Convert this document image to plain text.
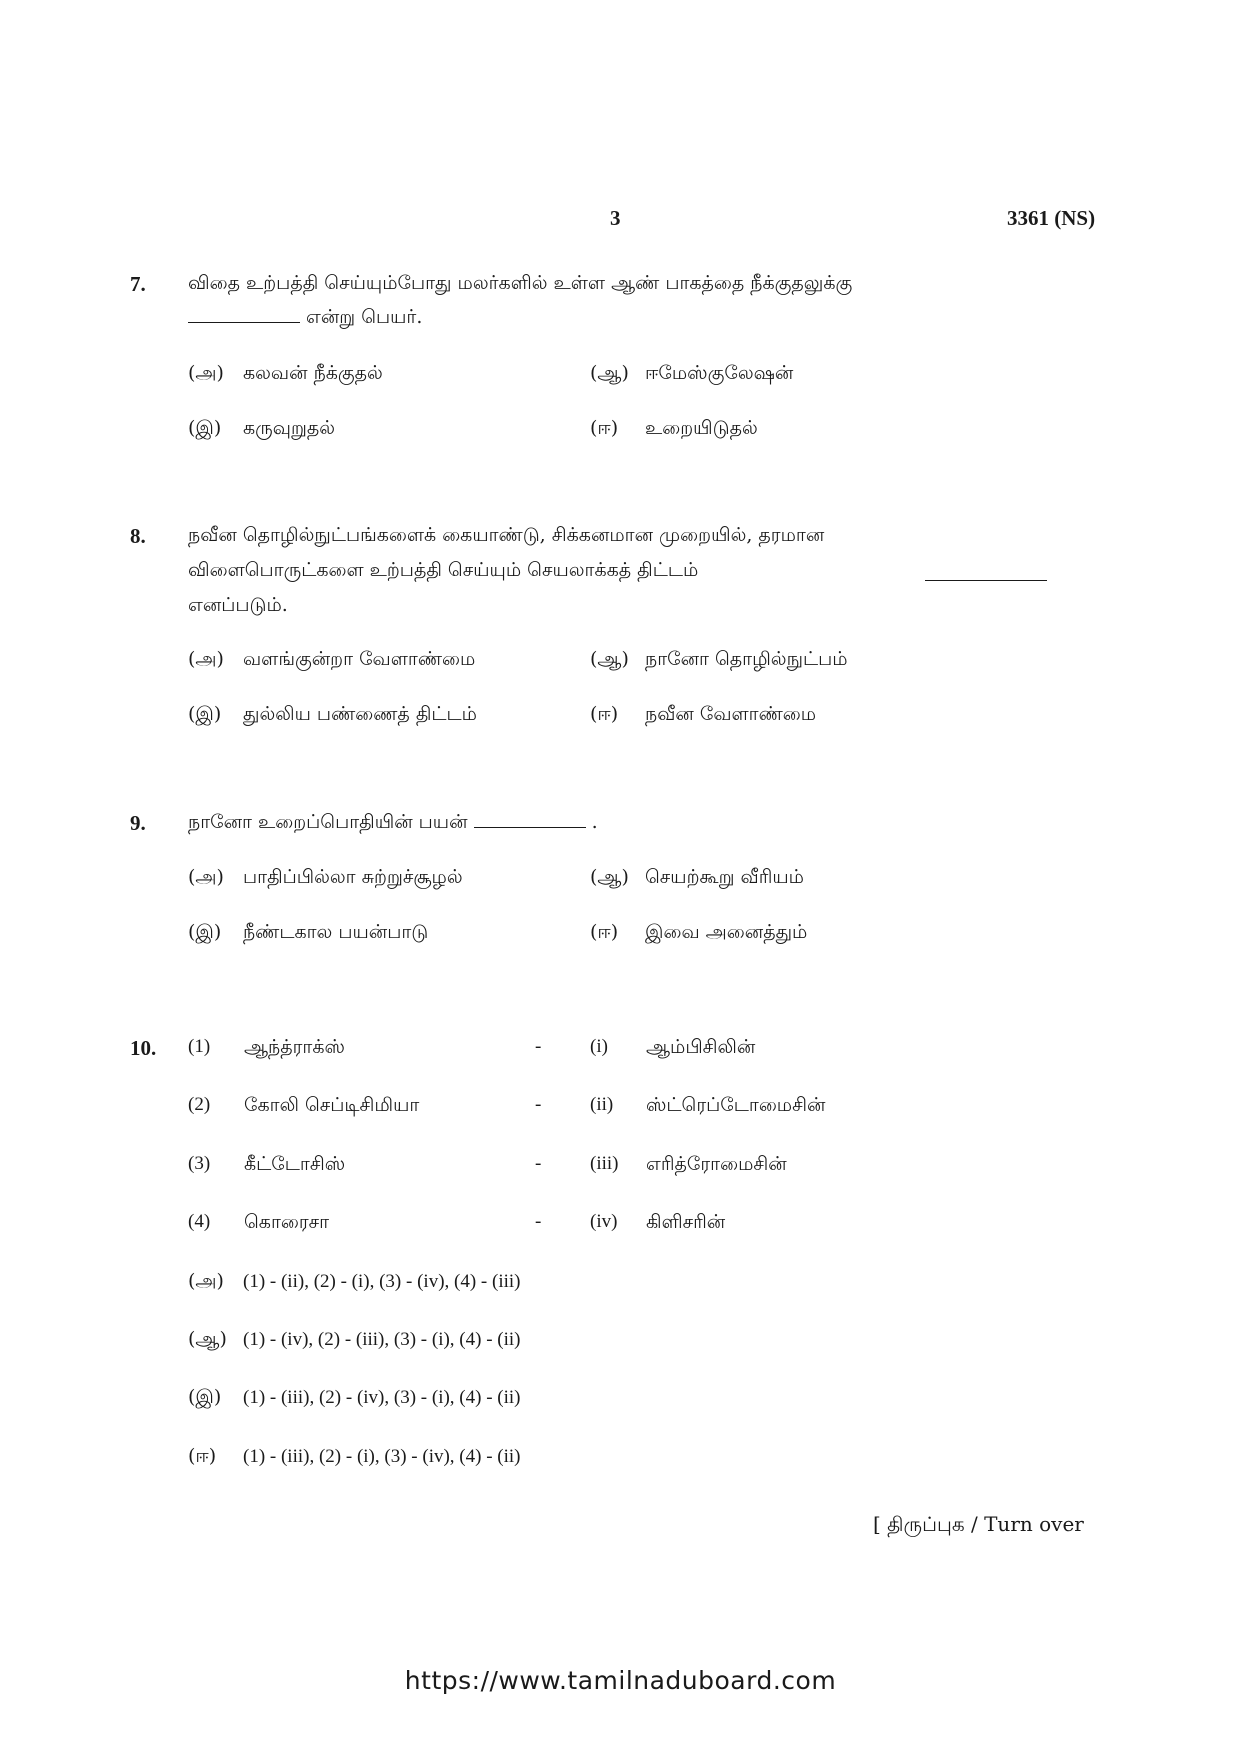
3	3361 (NS)
7. விதை உற்பத்தி செய்யும்போது மலர்களில் உள்ள ஆண் பாகத்தை நீக்குதலுக்கு
என்று பெயர்.
(அ) கலவன் நீக்குதல்	(ஆ) ஈமேஸ்குலேஷன்
(இ) கருவுறுதல்	(ஈ) உறையிடுதல்
8. நவீன தொழில்நுட்பங்களைக் கையாண்டு, சிக்கனமான முறையில், தரமான
விளைபொருட்களை உற்பத்தி செய்யும் செயலாக்கத் திட்டம்
எனப்படும்.
(அ) வளங்குன்றா வேளாண்மை	(ஆ) நானோ தொழில்நுட்பம்
(இ) துல்லிய பண்ணைத் திட்டம்	(ஈ) நவீன வேளாண்மை
9. நானோ உறைப்பொதியின் பயன்	.
(அ) பாதிப்பில்லா சுற்றுச்சூழல்	(ஆ) செயற்கூறு வீரியம்
(இ) நீண்டகால பயன்பாடு	(ஈ) இவை அனைத்தும்
10. (1) ஆந்த்ராக்ஸ்	-	(i) ஆம்பிசிலின்
(2) கோலி செப்டிசிமியா	-	(ii) ஸ்ட்ரெப்டோமைசின்
(3) கீட்டோசிஸ்	-	(iii) எரித்ரோமைசின்
(4) கொரைசா	-	(iv) கிளிசரின்
(அ) (1) - (ii), (2) - (i), (3) - (iv), (4) - (iii)
(ஆ) (1) - (iv), (2) - (iii), (3) - (i), (4) - (ii)
(இ) (1) - (iii), (2) - (iv), (3) - (i), (4) - (ii)
(ஈ) (1) - (iii), (2) - (i), (3) - (iv), (4) - (ii)
[ திருப்புக / Turn over
https://www.tamilnaduboard.com
